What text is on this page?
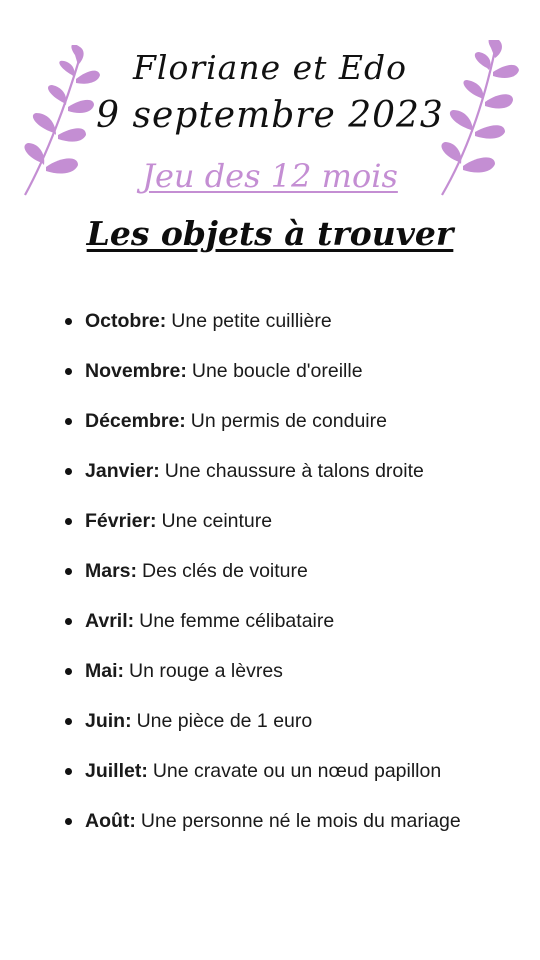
Floriane et Edo
9 septembre 2023
Jeu des 12 mois
Les objets à trouver
Octobre: Une petite cuillière
Novembre: Une boucle d'oreille
Décembre: Un permis de conduire
Janvier: Une chaussure à talons droite
Février: Une ceinture
Mars: Des clés de voiture
Avril: Une femme célibataire
Mai: Un rouge a lèvres
Juin: Une pièce de 1 euro
Juillet: Une cravate ou un nœud papillon
Août: Une personne né le mois du mariage
